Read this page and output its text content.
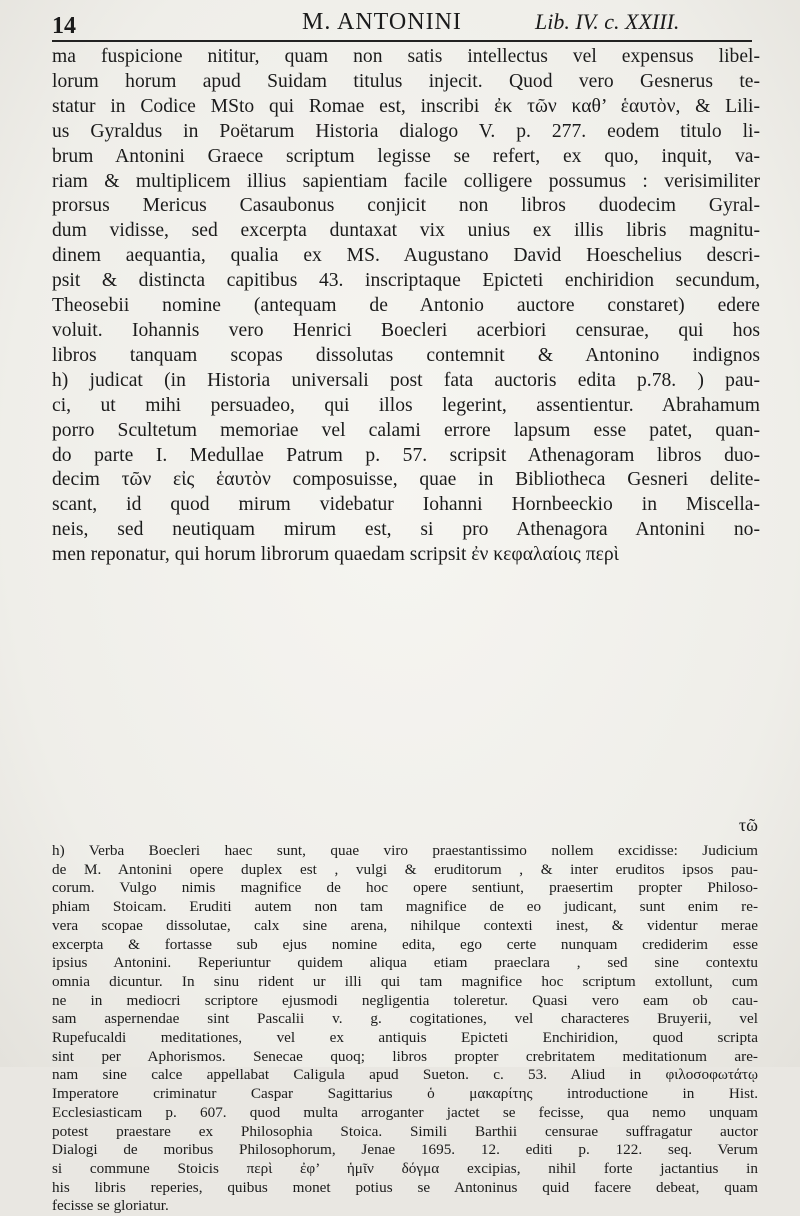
14	M. ANTONINI	Lib. IV. c. XXIII.
ma fuspicione nititur, quam non satis intellectus vel expensus libel-
lorum horum apud Suidam titulus injecit. Quod vero Gesnerus te-
statur in Codice MSto qui Romae est, inscribi ἐκ τῶν καθ’ ἑαυτὸν, & Lili-
us Gyraldus in Poëtarum Historia dialogo V. p. 277. eodem titulo li-
brum Antonini Graece scriptum legisse se refert, ex quo, inquit, va-
riam & multiplicem illius sapientiam facile colligere possumus : verisimiliter
prorsus Mericus Casaubonus conjicit non libros duodecim Gyral-
dum vidisse, sed excerpta duntaxat vix unius ex illis libris magnitu-
dinem aequantia, qualia ex MS. Augustano David Hoeschelius descri-
psit & distincta capitibus 43. inscriptaque Epicteti enchiridion secundum,
Theosebii nomine (antequam de Antonio auctore constaret) edere
voluit. Iohannis vero Henrici Boecleri acerbiori censurae, qui hos
libros tanquam scopas dissolutas contemnit & Antonino indignos
h) judicat (in Historia universali post fata auctoris edita p.78. ) pau-
ci, ut mihi persuadeo, qui illos legerint, assentientur. Abrahamum
porro Scultetum memoriae vel calami errore lapsum esse patet, quan-
do parte I. Medullae Patrum p. 57. scripsit Athenagoram libros duo-
decim τῶν εἰς ἑαυτὸν composuisse, quae in Bibliotheca Gesneri delite-
scant, id quod mirum videbatur Iohanni Hornbeeckio in Miscella-
neis, sed neutiquam mirum est, si pro Athenagora Antonini no-
men reponatur, qui horum librorum quaedam scripsit ἐν κεφαλαίοις περὶ
τῶ
h) Verba Boecleri haec sunt, quae viro praestantissimo nollem excidisse: Judicium
de M. Antonini opere duplex est , vulgi & eruditorum , & inter eruditos ipsos pau-
corum. Vulgo nimis magnifice de hoc opere sentiunt, praesertim propter Philoso-
phiam Stoicam. Eruditi autem non tam magnifice de eo judicant, sunt enim re-
vera scopae dissolutae, calx sine arena, nihilque contexti inest, & videntur merae
excerpta & fortasse sub ejus nomine edita, ego certe nunquam crediderim esse
ipsius Antonini. Reperiuntur quidem aliqua etiam praeclara , sed sine contextu
omnia dicuntur. In sinu rident ur illi qui tam magnifice hoc scriptum extollunt, cum
ne in mediocri scriptore ejusmodi negligentia toleretur. Quasi vero eam ob cau-
sam aspernendae sint Pascalii v. g. cogitationes, vel characteres Bruyerii, vel
Rupefucaldi meditationes, vel ex antiquis Epicteti Enchiridion, quod scripta
sint per Aphorismos. Senecae quoq; libros propter crebritatem meditationum are-
nam sine calce appellabat Caligula apud Sueton. c. 53. Aliud in φιλοσοφωτάτῳ
Imperatore criminatur Caspar Sagittarius ὁ μακαρίτης introductione in Hist.
Ecclesiasticam p. 607. quod multa arroganter jactet se fecisse, qua nemo unquam
potest praestare ex Philosophia Stoica. Simili Barthii censurae suffragatur auctor
Dialogi de moribus Philosophorum, Jenae 1695. 12. editi p. 122. seq. Verum
si commune Stoicis περὶ ἐφ’ ἡμῖν δόγμα excipias, nihil forte jactantius in
his libris reperies, quibus monet potius se Antoninus quid facere debeat, quam
fecisse se gloriatur.
